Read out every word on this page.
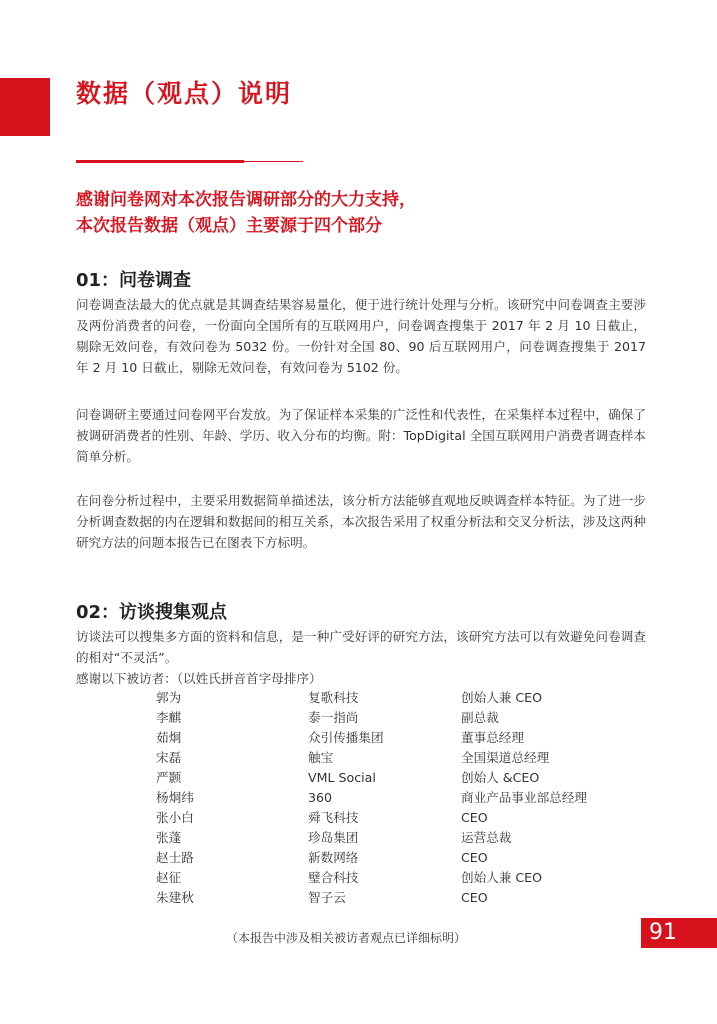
数据（观点）说明
感谢问卷网对本次报告调研部分的大力支持，
本次报告数据（观点）主要源于四个部分
01：问卷调查

问卷调查法最大的优点就是其调查结果容易量化，便于进行统计处理与分析。该研究中问卷调查主要涉及两份消费者的问卷，一份面向全国所有的互联网用户，问卷调查搜集于 2017 年 2 月 10 日截止，剔除无效问卷，有效问卷为 5032 份。一份针对全国 80、90 后互联网用户，问卷调查搜集于 2017 年 2 月 10 日截止，剔除无效问卷，有效问卷为 5102 份。

问卷调研主要通过问卷网平台发放。为了保证样本采集的广泛性和代表性，在采集样本过程中，确保了被调研消费者的性别、年龄、学历、收入分布的均衡。附：TopDigital 全国互联网用户消费者调查样本简单分析。

在问卷分析过程中，主要采用数据简单描述法，该分析方法能够直观地反映调查样本特征。为了进一步分析调查数据的内在逻辑和数据间的相互关系，本次报告采用了权重分析法和交叉分析法，涉及这两种研究方法的问题本报告已在图表下方标明。

02：访谈搜集观点

访谈法可以搜集多方面的资料和信息，是一种广受好评的研究方法，该研究方法可以有效避免问卷调查的相对“不灵活”。

感谢以下被访者：（以姓氏拼音首字母排序）

郭为	复歌科技	创始人兼 CEO
李麒	泰一指尚	副总裁
茹炯	众引传播集团	董事总经理
宋磊	触宝	全国渠道总经理
严颢	VML Social	创始人 &CEO
杨炯纬	360	商业产品事业部总经理
张小白	舜飞科技	CEO
张蓬	珍岛集团	运营总裁
赵士路	新数网络	CEO
赵征	璧合科技	创始人兼 CEO
朱建秋	智子云	CEO

（本报告中涉及相关被访者观点已详细标明）	91
